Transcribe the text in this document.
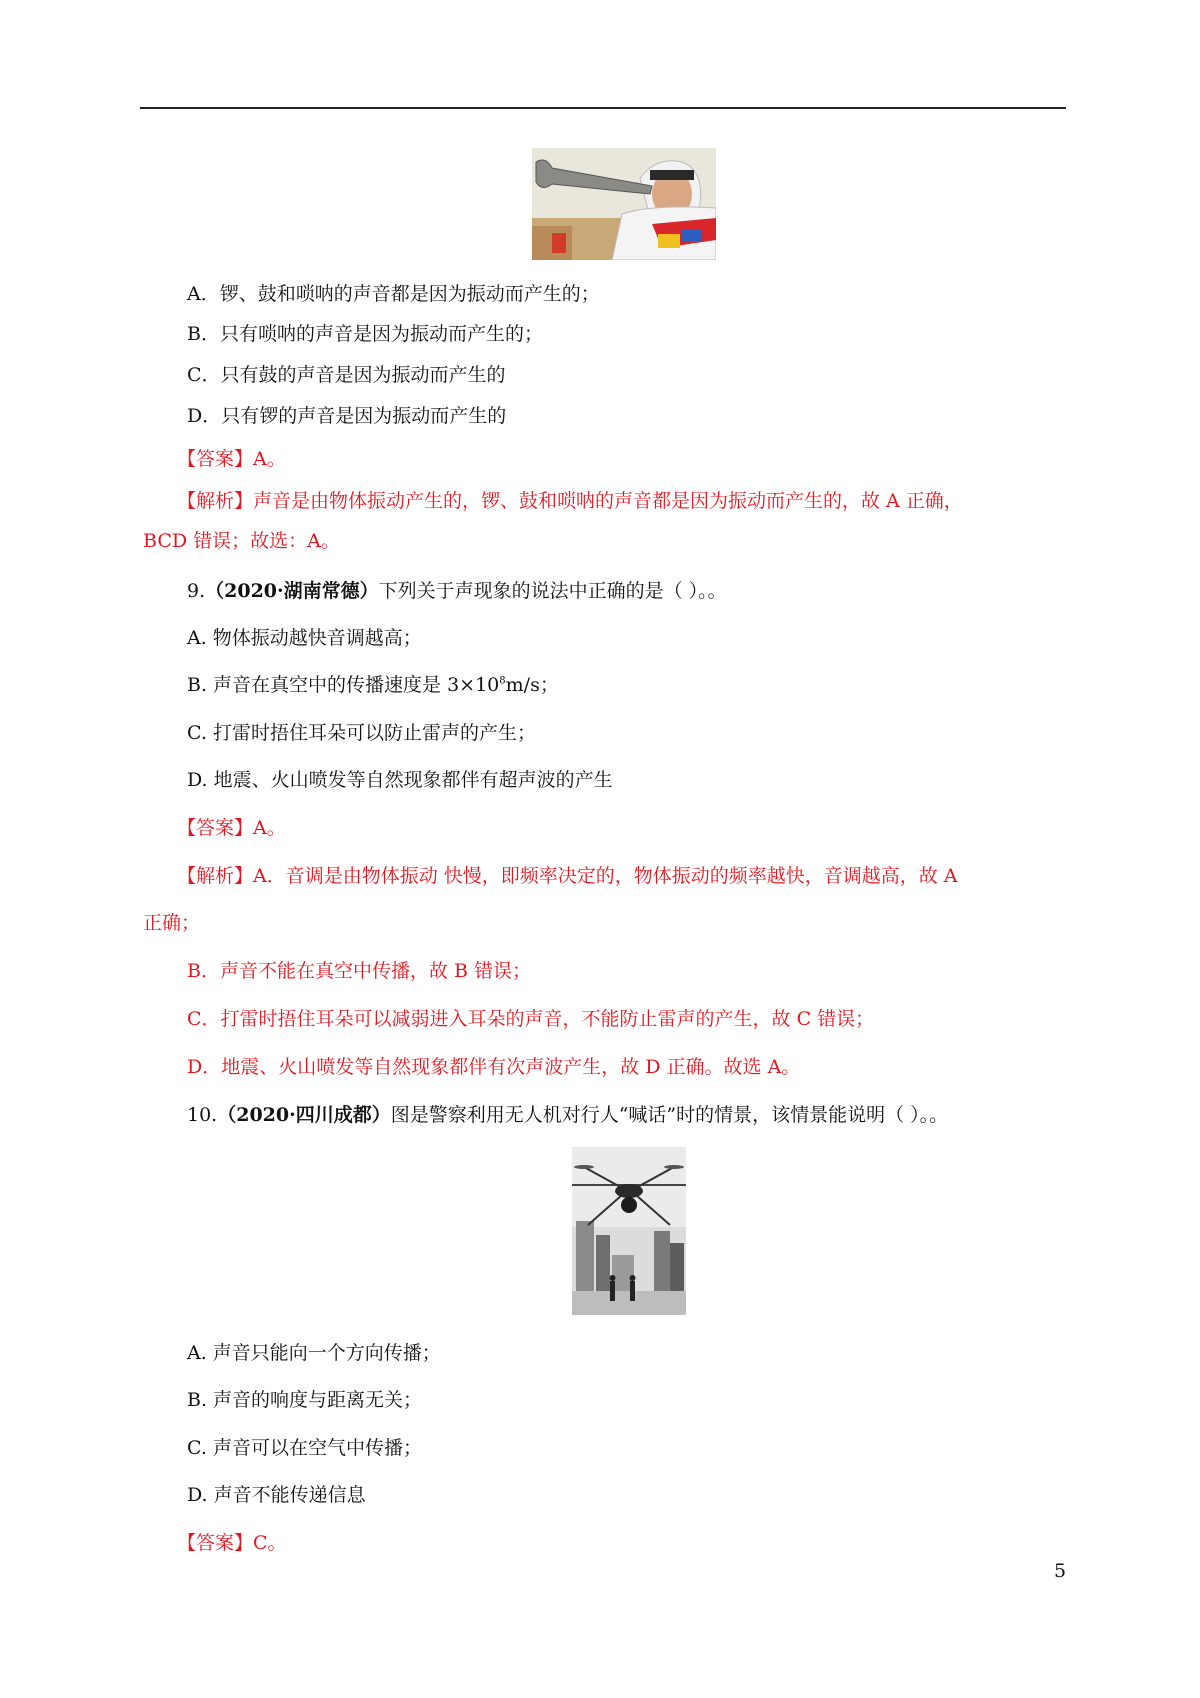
A．锣、鼓和唢呐的声音都是因为振动而产生的；
B．只有唢呐的声音是因为振动而产生的；
C．只有鼓的声音是因为振动而产生的
D．只有锣的声音是因为振动而产生的
【答案】A。
【解析】声音是由物体振动产生的，锣、鼓和唢呐的声音都是因为振动而产生的，故 A 正确，
BCD 错误；故选：A。
9.（2020·湖南常德）下列关于声现象的说法中正确的是（ ）。。
A. 物体振动越快音调越高；
B. 声音在真空中的传播速度是 $3\times 10^8m/s$；
C. 打雷时捂住耳朵可以防止雷声的产生；
D. 地震、火山喷发等自然现象都伴有超声波的产生
【答案】A。
【解析】A．音调是由物体振动 快慢，即频率决定的，物体振动的频率越快，音调越高，故 A
正确；
B．声音不能在真空中传播，故 B 错误；
C．打雷时捂住耳朵可以减弱进入耳朵的声音，不能防止雷声的产生，故 C 错误；
D．地震、火山喷发等自然现象都伴有次声波产生，故 D 正确。故选 A。
10.（2020·四川成都）图是警察利用无人机对行人“喊话”时的情景，该情景能说明（ ）。。
A. 声音只能向一个方向传播；
B. 声音的响度与距离无关；
C. 声音可以在空气中传播；
D. 声音不能传递信息
【答案】C。
5
